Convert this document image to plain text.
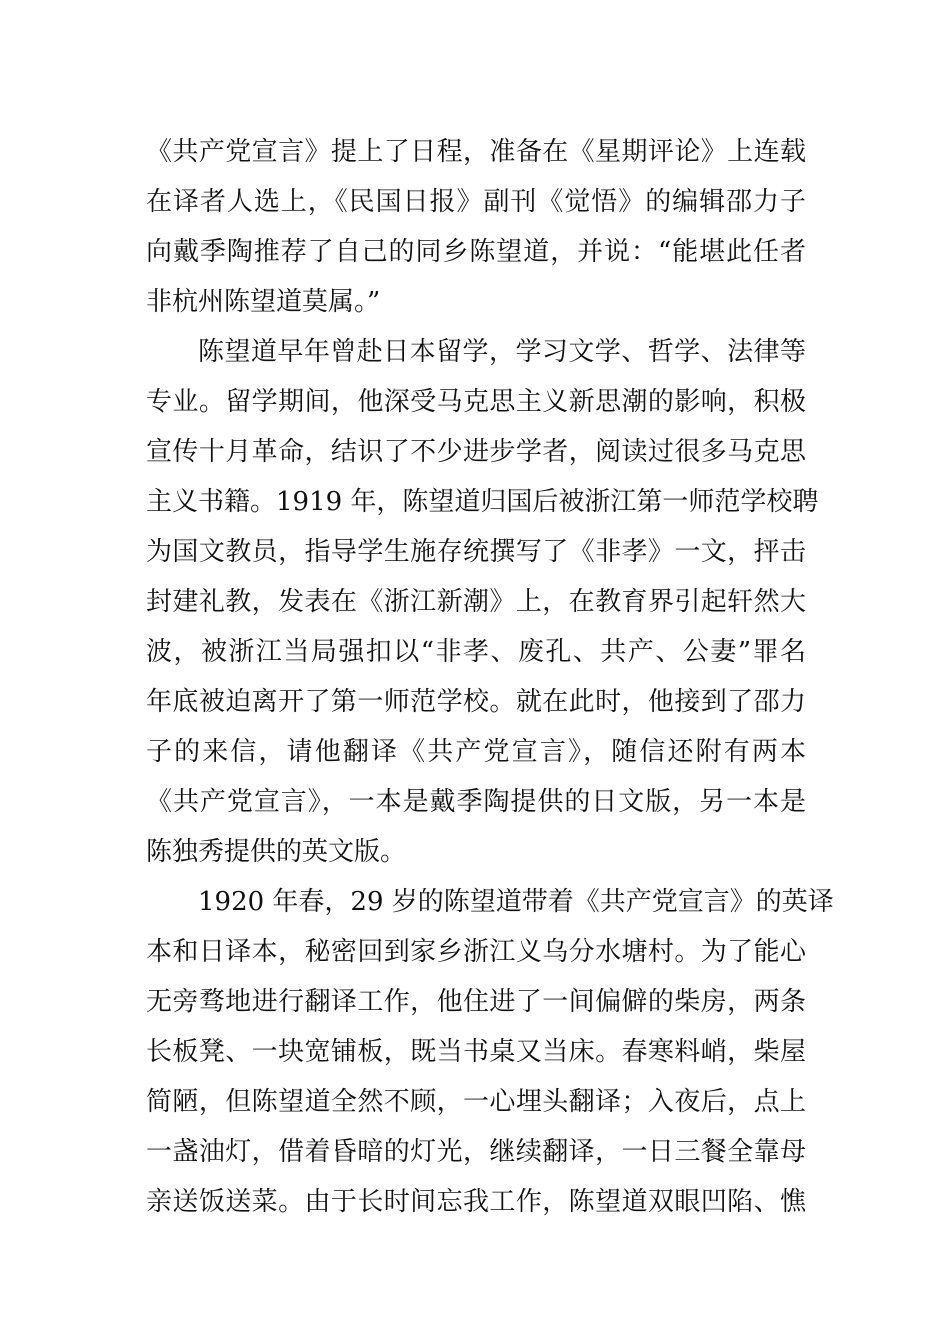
《共产党宣言》提上了日程，准备在《星期评论》上连载
在译者人选上，《民国日报》副刊《觉悟》的编辑邵力子
向戴季陶推荐了自己的同乡陈望道，并说：“能堪此任者
非杭州陈望道莫属。”
陈望道早年曾赴日本留学，学习文学、哲学、法律等
专业。留学期间，他深受马克思主义新思潮的影响，积极
宣传十月革命，结识了不少进步学者，阅读过很多马克思
主义书籍。1919 年，陈望道归国后被浙江第一师范学校聘
为国文教员，指导学生施存统撰写了《非孝》一文，抨击
封建礼教，发表在《浙江新潮》上，在教育界引起轩然大
波，被浙江当局强扣以“非孝、废孔、共产、公妻”罪名
年底被迫离开了第一师范学校。就在此时，他接到了邵力
子的来信，请他翻译《共产党宣言》，随信还附有两本
《共产党宣言》，一本是戴季陶提供的日文版，另一本是
陈独秀提供的英文版。
1920 年春，29 岁的陈望道带着《共产党宣言》的英译
本和日译本，秘密回到家乡浙江义乌分水塘村。为了能心
无旁骛地进行翻译工作，他住进了一间偏僻的柴房，两条
长板凳、一块宽铺板，既当书桌又当床。春寒料峭，柴屋
简陋，但陈望道全然不顾，一心埋头翻译；入夜后，点上
一盏油灯，借着昏暗的灯光，继续翻译，一日三餐全靠母
亲送饭送菜。由于长时间忘我工作，陈望道双眼凹陷、憔
